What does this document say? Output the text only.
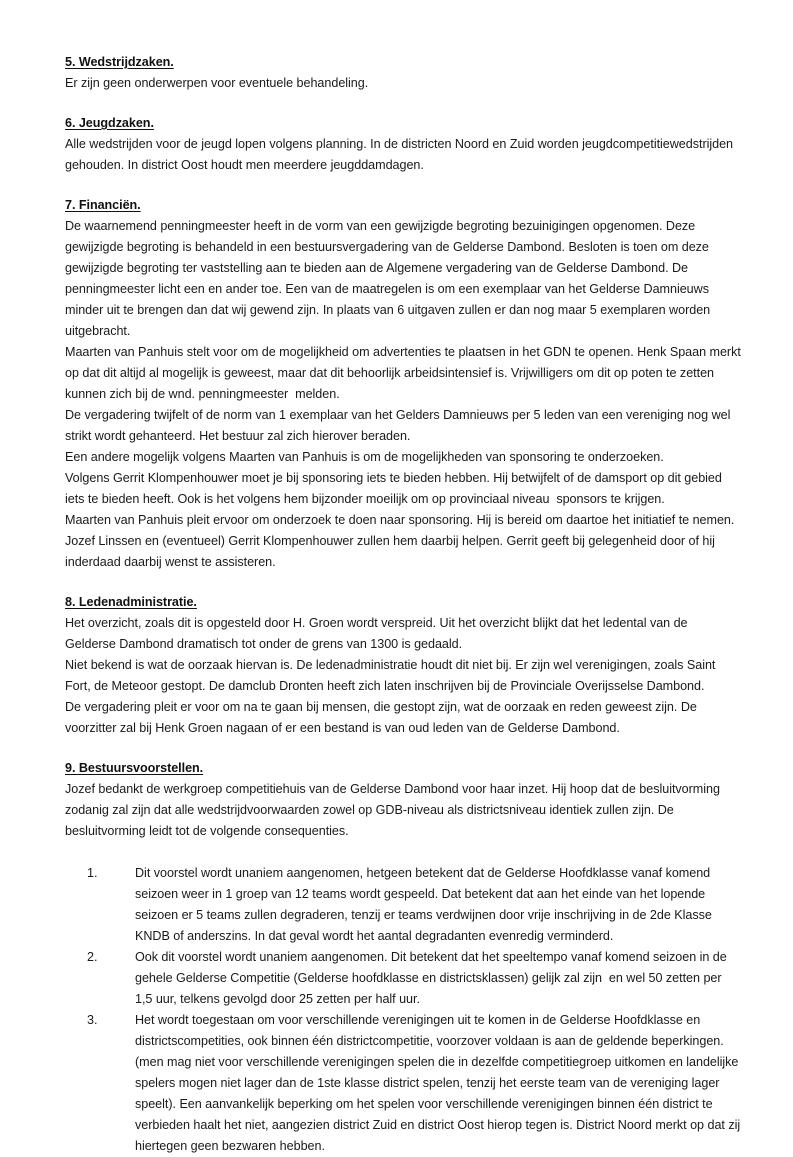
5. Wedstrijdzaken.

Er zijn geen onderwerpen voor eventuele behandeling.

6. Jeugdzaken.

Alle wedstrijden voor de jeugd lopen volgens planning. In de districten Noord en Zuid worden jeugdcompetitiewedstrijden gehouden. In district Oost houdt men meerdere jeugddamdagen.

7. Financiën.

De waarnemend penningmeester heeft in de vorm van een gewijzigde begroting bezuinigingen opgenomen. Deze gewijzigde begroting is behandeld in een bestuursvergadering van de Gelderse Dambond. Besloten is toen om deze gewijzigde begroting ter vaststelling aan te bieden aan de Algemene vergadering van de Gelderse Dambond. De penningmeester licht een en ander toe. Een van de maatregelen is om een exemplaar van het Gelderse Damnieuws minder uit te brengen dan dat wij gewend zijn. In plaats van 6 uitgaven zullen er dan nog maar 5 exemplaren worden uitgebracht.

Maarten van Panhuis stelt voor om de mogelijkheid om advertenties te plaatsen in het GDN te openen. Henk Spaan merkt op dat dit altijd al mogelijk is geweest, maar dat dit behoorlijk arbeidsintensief is. Vrijwilligers om dit op poten te zetten kunnen zich bij de wnd. penningmeester  melden.

De vergadering twijfelt of de norm van 1 exemplaar van het Gelders Damnieuws per 5 leden van een vereniging nog wel strikt wordt gehanteerd. Het bestuur zal zich hierover beraden.

Een andere mogelijk volgens Maarten van Panhuis is om de mogelijkheden van sponsoring te onderzoeken.

Volgens Gerrit Klompenhouwer moet je bij sponsoring iets te bieden hebben. Hij betwijfelt of de damsport op dit gebied iets te bieden heeft. Ook is het volgens hem bijzonder moeilijk om op provinciaal niveau  sponsors te krijgen.

Maarten van Panhuis pleit ervoor om onderzoek te doen naar sponsoring. Hij is bereid om daartoe het initiatief te nemen. Jozef Linssen en (eventueel) Gerrit Klompenhouwer zullen hem daarbij helpen. Gerrit geeft bij gelegenheid door of hij inderdaad daarbij wenst te assisteren.

8. Ledenadministratie.

Het overzicht, zoals dit is opgesteld door H. Groen wordt verspreid. Uit het overzicht blijkt dat het ledental van de Gelderse Dambond dramatisch tot onder de grens van 1300 is gedaald.

Niet bekend is wat de oorzaak hiervan is. De ledenadministratie houdt dit niet bij. Er zijn wel verenigingen, zoals Saint Fort, de Meteoor gestopt. De damclub Dronten heeft zich laten inschrijven bij de Provinciale Overijsselse Dambond.

De vergadering pleit er voor om na te gaan bij mensen, die gestopt zijn, wat de oorzaak en reden geweest zijn. De voorzitter zal bij Henk Groen nagaan of er een bestand is van oud leden van de Gelderse Dambond.

9. Bestuursvoorstellen.

Jozef bedankt de werkgroep competitiehuis van de Gelderse Dambond voor haar inzet. Hij hoop dat de besluitvorming zodanig zal zijn dat alle wedstrijdvoorwaarden zowel op GDB-niveau als districtsniveau identiek zullen zijn. De besluitvorming leidt tot de volgende consequenties.

Dit voorstel wordt unaniem aangenomen, hetgeen betekent dat de Gelderse Hoofdklasse vanaf komend seizoen weer in 1 groep van 12 teams wordt gespeeld. Dat betekent dat aan het einde van het lopende seizoen er 5 teams zullen degraderen, tenzij er teams verdwijnen door vrije inschrijving in de 2de Klasse KNDB of anderszins. In dat geval wordt het aantal degradanten evenredig verminderd.
Ook dit voorstel wordt unaniem aangenomen. Dit betekent dat het speeltempo vanaf komend seizoen in de gehele Gelderse Competitie (Gelderse hoofdklasse en districtsklassen) gelijk zal zijn  en wel 50 zetten per 1,5 uur, telkens gevolgd door 25 zetten per half uur.
Het wordt toegestaan om voor verschillende verenigingen uit te komen in de Gelderse Hoofdklasse en districtscompetities, ook binnen één districtcompetitie, voorzover voldaan is aan de geldende beperkingen. (men mag niet voor verschillende verenigingen spelen die in dezelfde competitiegroep uitkomen en landelijke spelers mogen niet lager dan de 1ste klasse district spelen, tenzij het eerste team van de vereniging lager speelt). Een aanvankelijk beperking om het spelen voor verschillende verenigingen binnen één district te verbieden haalt het niet, aangezien district Zuid en district Oost hierop tegen is. District Noord merkt op dat zij hiertegen geen bezwaren hebben.
